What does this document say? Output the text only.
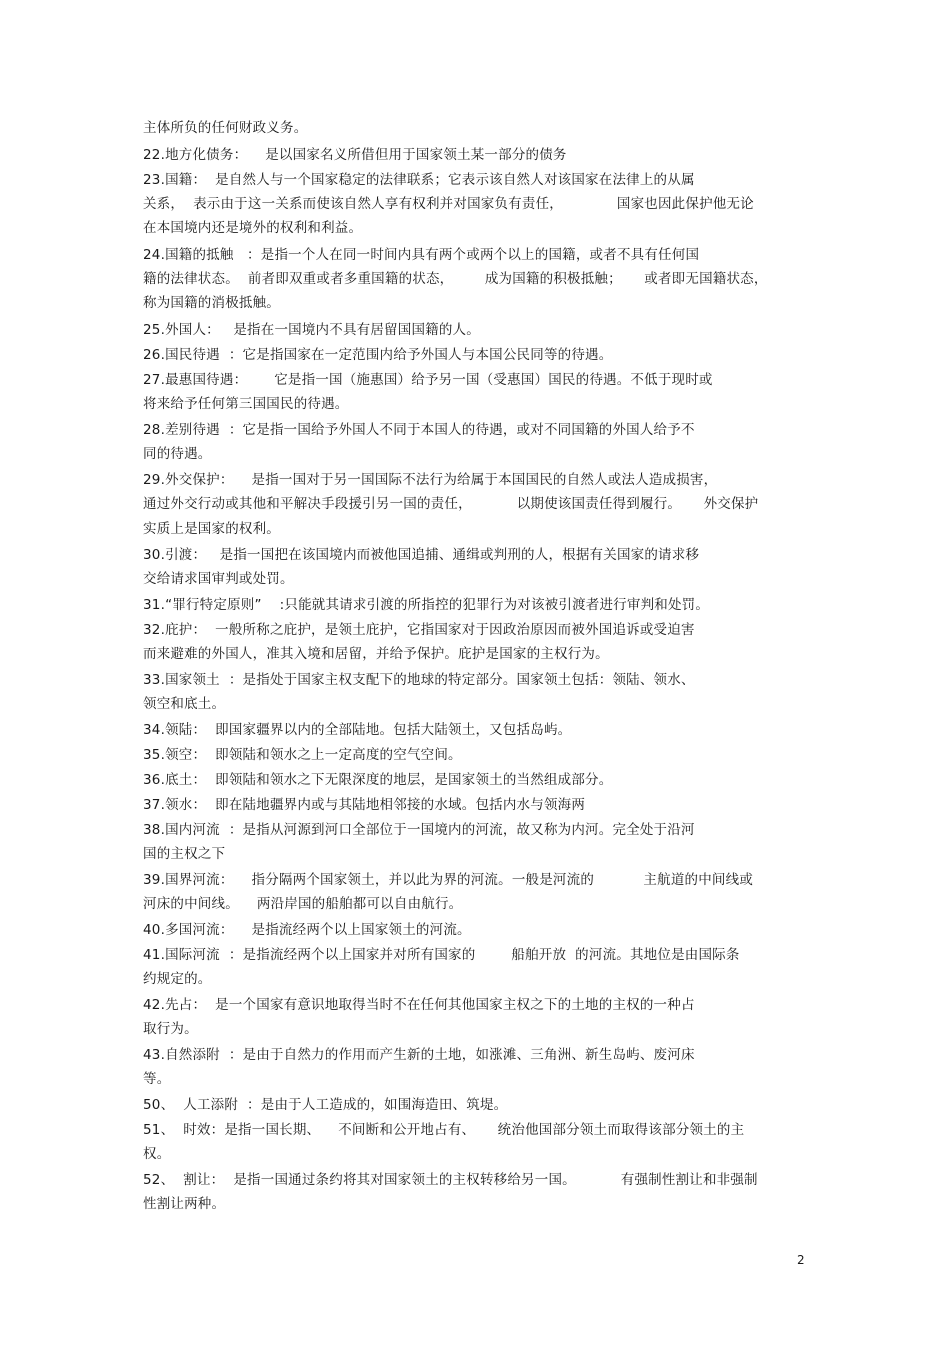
主体所负的任何财政义务。
22.地方化债务：    是以国家名义所借但用于国家领土某一部分的债务
23.国籍：  是自然人与一个国家稳定的法律联系；它表示该自然人对该国家在法律上的从属
关系，  表示由于这一关系而使该自然人享有权利并对国家负有责任，            国家也因此保护他无论
在本国境内还是境外的权利和利益。
24.国籍的抵触   ：是指一个人在同一时间内具有两个或两个以上的国籍，或者不具有任何国
籍的法律状态。  前者即双重或者多重国籍的状态，       成为国籍的积极抵触；     或者即无国籍状态，
称为国籍的消极抵触。
25.外国人：   是指在一国境内不具有居留国国籍的人。
26.国民待遇  ：它是指国家在一定范围内给予外国人与本国公民同等的待遇。
27.最惠国待遇：      它是指一国（施惠国）给予另一国（受惠国）国民的待遇。不低于现时或
将来给予任何第三国国民的待遇。
28.差别待遇  ：它是指一国给予外国人不同于本国人的待遇，或对不同国籍的外国人给予不
同的待遇。
29.外交保护：    是指一国对于另一国国际不法行为给属于本国国民的自然人或法人造成损害，
通过外交行动或其他和平解决手段援引另一国的责任，          以期使该国责任得到履行。     外交保护
实质上是国家的权利。
30.引渡：   是指一国把在该国境内而被他国追捕、通缉或判刑的人，根据有关国家的请求移
交给请求国审判或处罚。
31.“罪行特定原则”    :只能就其请求引渡的所指控的犯罪行为对该被引渡者进行审判和处罚。
32.庇护：  一般所称之庇护，是领土庇护，它指国家对于因政治原因而被外国追诉或受迫害
而来避难的外国人，准其入境和居留，并给予保护。庇护是国家的主权行为。
33.国家领土  ：是指处于国家主权支配下的地球的特定部分。国家领土包括：领陆、领水、
领空和底土。
34.领陆：  即国家疆界以内的全部陆地。包括大陆领土，又包括岛屿。
35.领空：  即领陆和领水之上一定高度的空气空间。
36.底土：  即领陆和领水之下无限深度的地层，是国家领土的当然组成部分。
37.领水：  即在陆地疆界内或与其陆地相邻接的水域。包括内水与领海两
38.国内河流  ：是指从河源到河口全部位于一国境内的河流，故又称为内河。完全处于沿河
国的主权之下
39.国界河流：    指分隔两个国家领土，并以此为界的河流。一般是河流的           主航道的中间线或
河床的中间线。    两沿岸国的船舶都可以自由航行。
40.多国河流：    是指流经两个以上国家领土的河流。
41.国际河流  ：是指流经两个以上国家并对所有国家的        船舶开放  的河流。其地位是由国际条
约规定的。
42.先占：  是一个国家有意识地取得当时不在任何其他国家主权之下的土地的主权的一种占
取行为。
43.自然添附  ：是由于自然力的作用而产生新的土地，如涨滩、三角洲、新生岛屿、废河床
等。
50、  人工添附  ：是由于人工造成的，如围海造田、筑堤。
51、  时效：是指一国长期、    不间断和公开地占有、     统治他国部分领土而取得该部分领土的主
权。
52、  割让：  是指一国通过条约将其对国家领土的主权转移给另一国。          有强制性割让和非强制
性割让两种。
2
